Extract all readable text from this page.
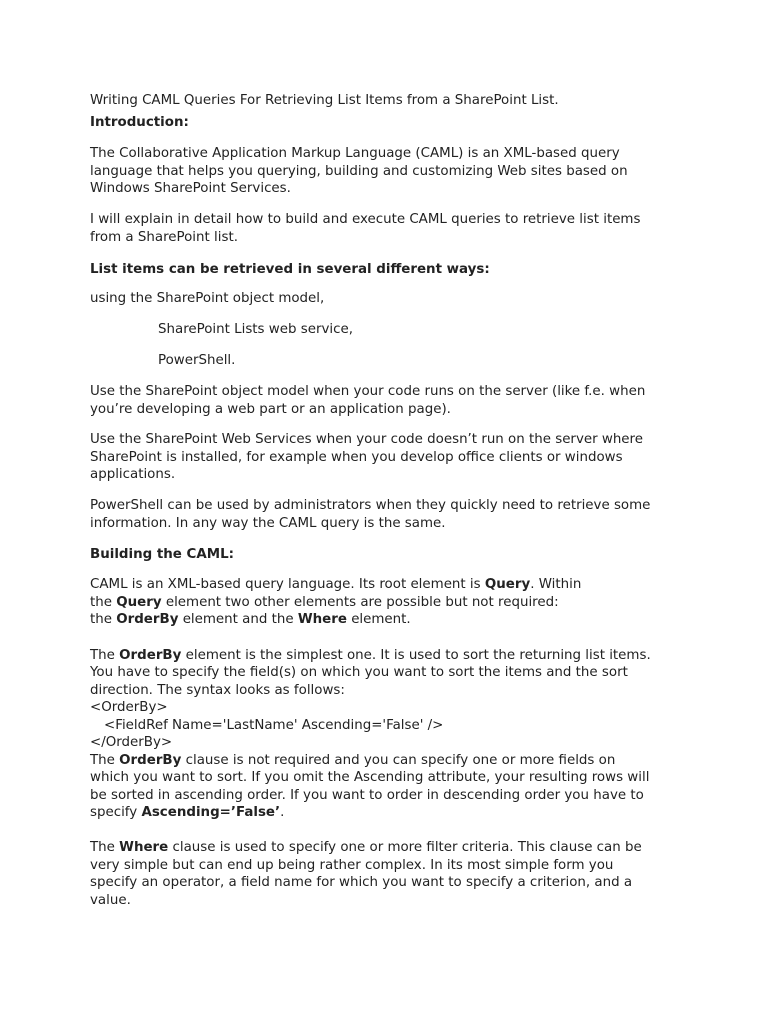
Writing CAML Queries For Retrieving List Items from a SharePoint List.

Introduction:

The Collaborative Application Markup Language (CAML) is an XML-based query

language that helps you querying, building and customizing Web sites based on

Windows SharePoint Services.

I will explain in detail how to build and execute CAML queries to retrieve list items

from a SharePoint list.

List items can be retrieved in several different ways:

using the SharePoint object model,

SharePoint Lists web service,

PowerShell.

Use the SharePoint object model when your code runs on the server (like f.e. when

you’re developing a web part or an application page).

Use the SharePoint Web Services when your code doesn’t run on the server where

SharePoint is installed, for example when you develop office clients or windows

applications.

PowerShell can be used by administrators when they quickly need to retrieve some

information. In any way the CAML query is the same.

Building the CAML:

CAML is an XML-based query language. Its root element is Query. Within

the Query element two other elements are possible but not required:

the OrderBy element and the Where element.

The OrderBy element is the simplest one. It is used to sort the returning list items.

You have to specify the field(s) on which you want to sort the items and the sort

direction. The syntax looks as follows:

<OrderBy>

<FieldRef Name='LastName' Ascending='False' />

</OrderBy>

The OrderBy clause is not required and you can specify one or more fields on

which you want to sort. If you omit the Ascending attribute, your resulting rows will

be sorted in ascending order. If you want to order in descending order you have to

specify Ascending=’False’.

The Where clause is used to specify one or more filter criteria. This clause can be

very simple but can end up being rather complex. In its most simple form you

specify an operator, a field name for which you want to specify a criterion, and a

value.
